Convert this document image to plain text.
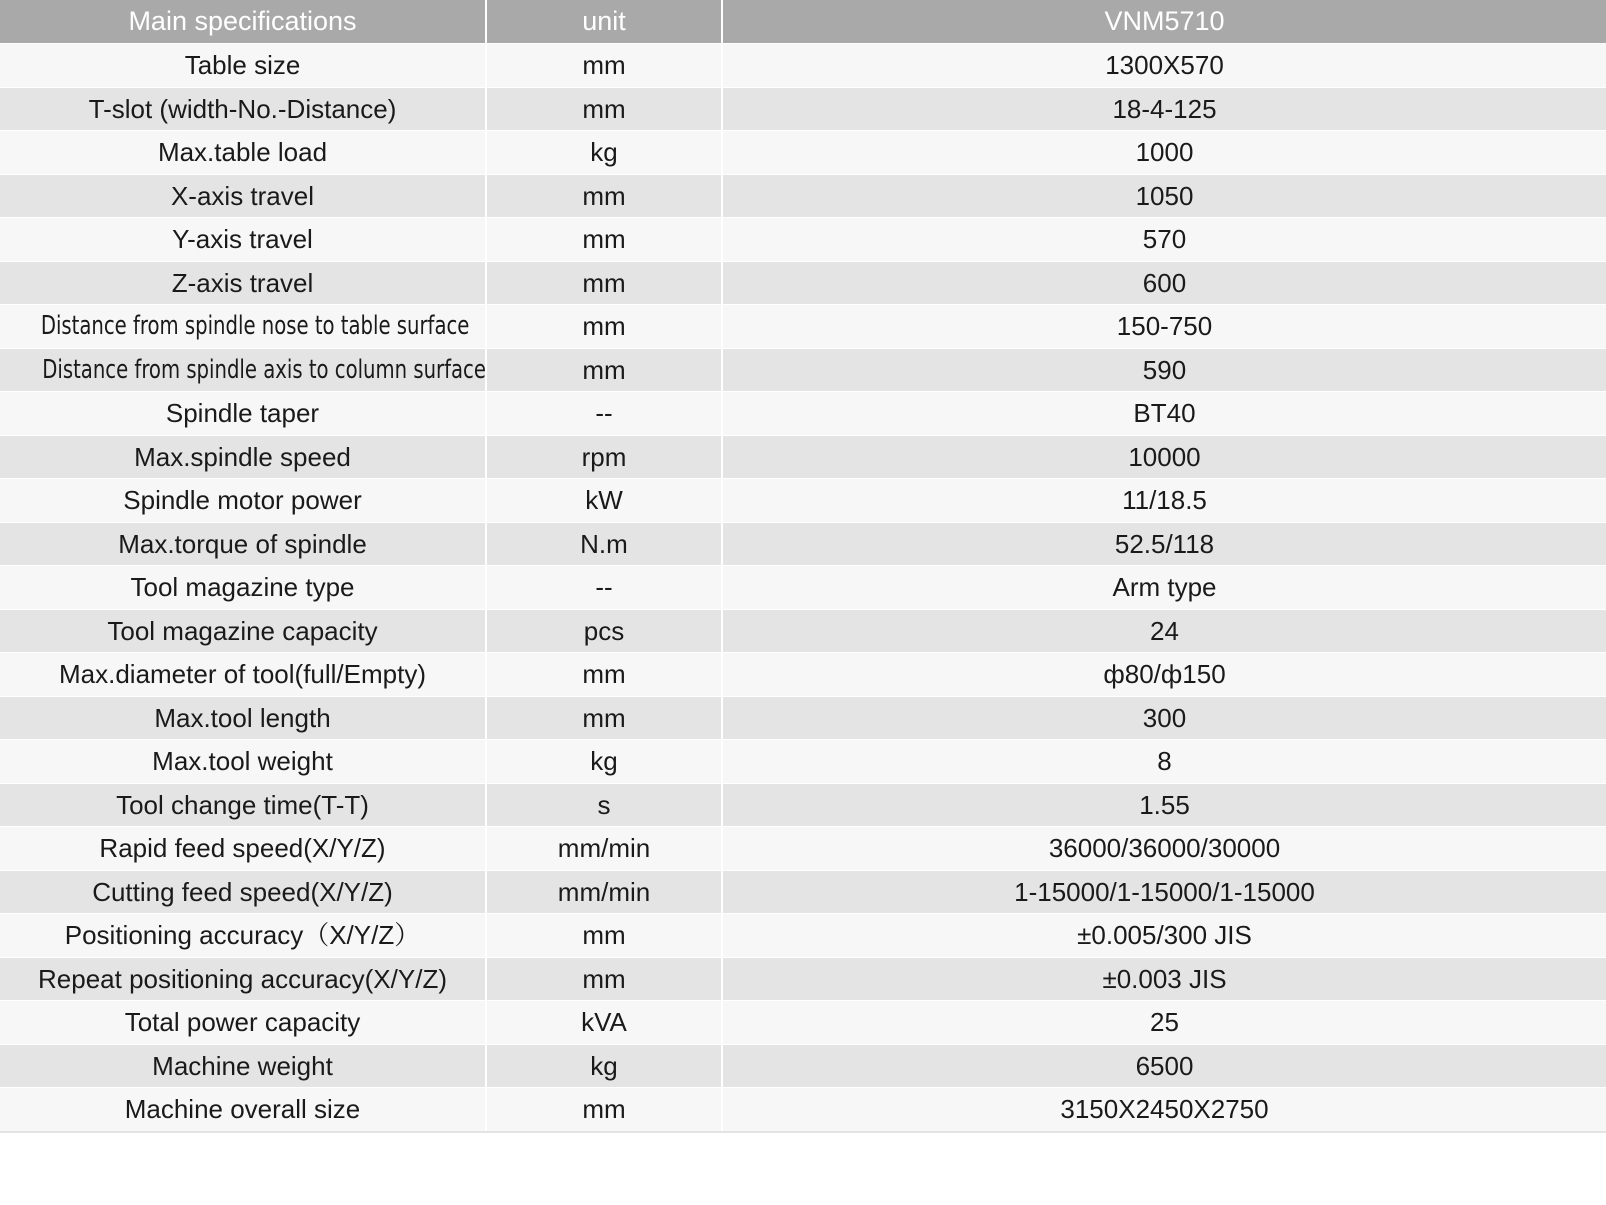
Main specifications	unit	VNM5710
Table size	mm	1300X570
T-slot (width-No.-Distance)	mm	18-4-125
Max.table load	kg	1000
X-axis travel	mm	1050
Y-axis travel	mm	570
Z-axis travel	mm	600
Distance from spindle nose to table surface	mm	150-750
Distance from spindle axis to column surface	mm	590
Spindle taper	--	BT40
Max.spindle speed	rpm	10000
Spindle motor power	kW	11/18.5
Max.torque of spindle	N.m	52.5/118
Tool magazine type	--	Arm type
Tool magazine capacity	pcs	24
Max.diameter of tool(full/Empty)	mm	ф80/ф150
Max.tool length	mm	300
Max.tool weight	kg	8
Tool change time(T-T)	s	1.55
Rapid feed speed(X/Y/Z)	mm/min	36000/36000/30000
Cutting feed speed(X/Y/Z)	mm/min	1-15000/1-15000/1-15000
Positioning accuracy（X/Y/Z）	mm	±0.005/300 JIS
Repeat positioning accuracy(X/Y/Z)	mm	±0.003 JIS
Total power capacity	kVA	25
Machine weight	kg	6500
Machine overall size	mm	3150X2450X2750
